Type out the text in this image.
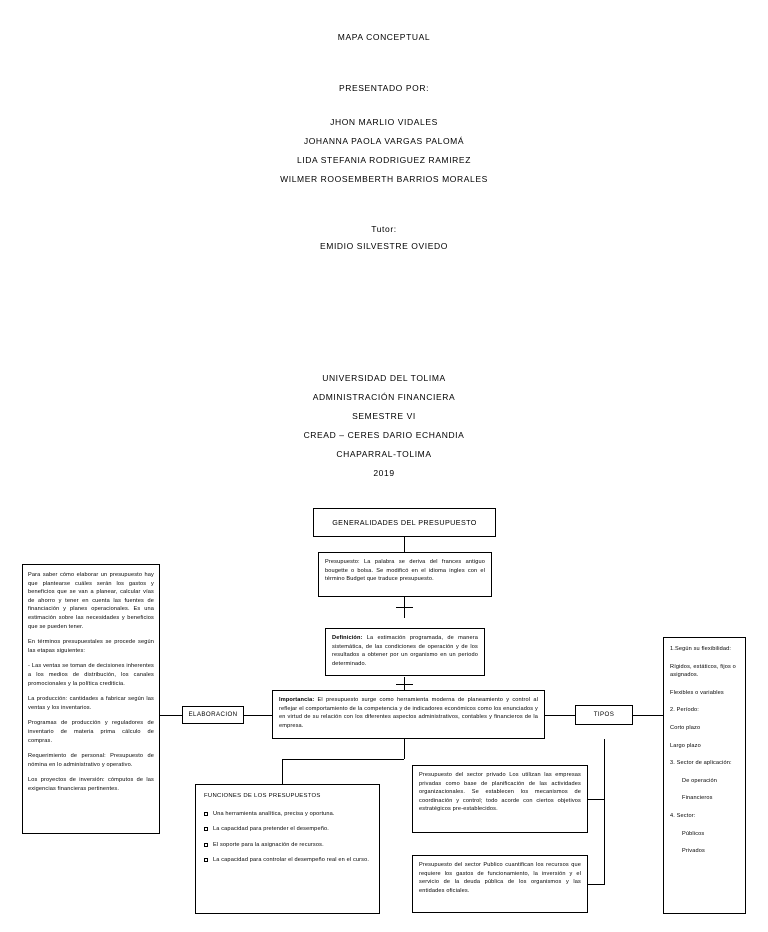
MAPA CONCEPTUAL
PRESENTADO POR:
JHON MARLIO VIDALES
JOHANNA PAOLA VARGAS PALOMÁ
LIDA STEFANIA RODRIGUEZ RAMIREZ
WILMER ROOSEMBERTH BARRIOS MORALES
Tutor:
EMIDIO SILVESTRE OVIEDO
UNIVERSIDAD DEL TOLIMA
ADMINISTRACIÓN FINANCIERA
SEMESTRE VI
CREAD – CERES DARIO ECHANDIA
CHAPARRAL-TOLIMA
2019
GENERALIDADES DEL PRESUPUESTO
Presupuesto: La palabra se deriva del frances antiguo bougette o bolsa. Se modificó en el idioma ingles con el término Budget que traduce presupuesto.
Definición: La estimación programada, de manera sistemática, de las condiciones de operación y de los resultados a obtener por un organismo en un periodo determinado.
Importancia: El presupuesto surge como herramienta moderna de planeamiento y control al reflejar el comportamiento de la competencia y de indicadores económicos como los enunciados y en virtud de su relación con los diferentes aspectos administrativos, contables y financieros de la empresa.
ELABORACION	TIPOS

Para saber cómo elaborar un presupuesto hay que plantearse cuáles serán los gastos y beneficios que se van a planear, calcular vías de ahorro y tener en cuenta las fuentes de financiación y planes operacionales. Es una estimación sobre las necesidades y beneficios que se pueden tener.

En términos presupuestales se procede según las etapas siguientes:

- Las ventas se toman de decisiones inherentes a los medios de distribución, los canales promocionales y la política crediticia.

La producción: cantidades a fabricar según las ventas y los inventarios.

Programas de producción y reguladores de inventario de materia prima cálculo de compras.

Requerimiento de personal: Presupuesto de nómina en lo administrativo y operativo.

Los proyectos de inversión: cómputos de las exigencias financieras pertinentes.

FUNCIONES DE LOS PRESUPUESTOS
Una herramienta analítica, precisa y oportuna.
La capacidad para pretender el desempeño.
El soporte para la asignación de recursos.
La capacidad para controlar el desempeño real en el curso.
Presupuesto del sector privado Los utilizan las empresas privadas como base de planificación de las actividades organizacionales. Se establecen los mecanismos de coordinación y control; todo acorde con ciertos objetivos estratégicos pre-establecidos.
Presupuesto del sector Publico cuantifican los recursos que requiere los gastos de funcionamiento, la inversión y el servicio de la deuda pública de los organismos y las entidades oficiales.
1.Según su flexibilidad:
Rígidos, estáticos, fijos o asignados.
Flexibles o variables
2. Período:
Corto plazo
Largo plazo
3. Sector de aplicación:
De operación
Financieros
4. Sector:
Públicos
Privados
